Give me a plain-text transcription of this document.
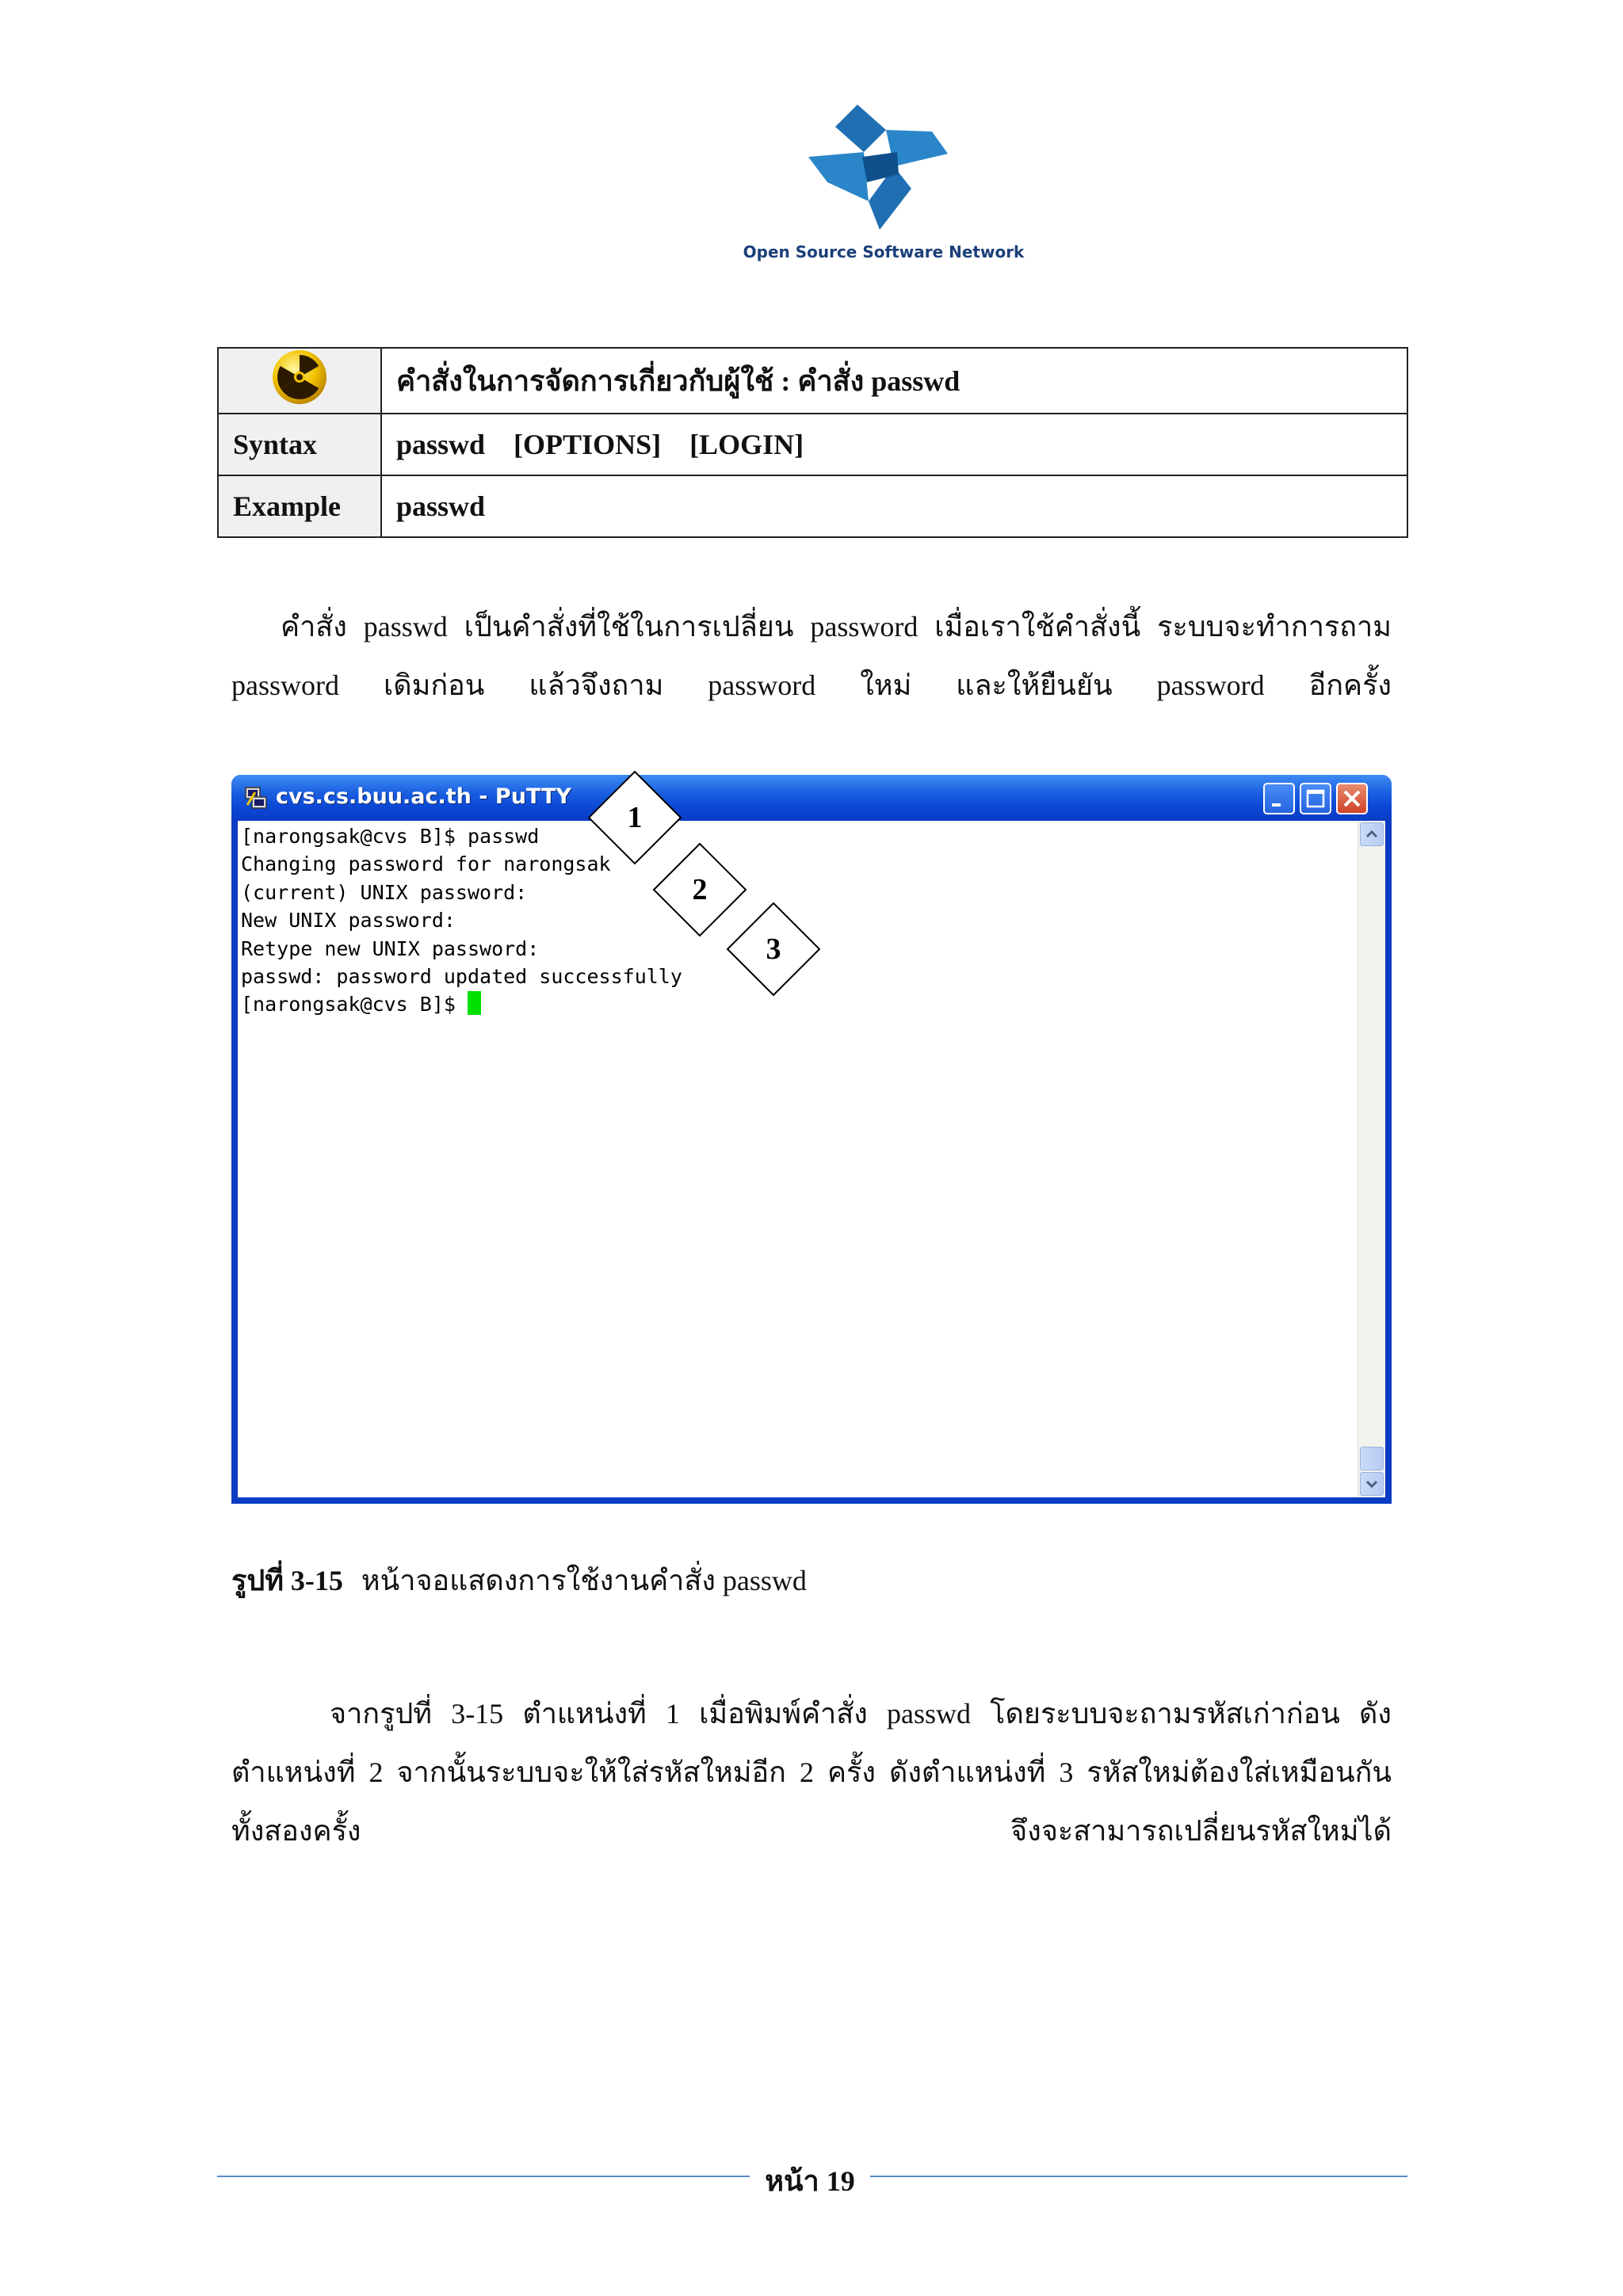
Open Source Software Network
	คำสั่งในการจัดการเกี่ยวกับผู้ใช้ : คำสั่ง passwd
Syntax	passwd    [OPTIONS]    [LOGIN]
Example	passwd
คำสั่ง passwd เป็นคำสั่งที่ใช้ในการเปลี่ยน password เมื่อเราใช้คำสั่งนี้ ระบบจะทำการถาม
password เดิมก่อน แล้วจึงถาม password ใหม่ และให้ยืนยัน password อีกครั้ง
cvs.cs.buu.ac.th - PuTTY
[narongsak@cvs B]$ passwd
Changing password for narongsak
(current) UNIX password:
New UNIX password:
Retype new UNIX password:
passwd: password updated successfully
[narongsak@cvs B]$
1
2
3
รูปที่ 3-15 หน้าจอแสดงการใช้งานคำสั่ง passwd
จากรูปที่ 3-15 ตำแหน่งที่ 1 เมื่อพิมพ์คำสั่ง passwd โดยระบบจะถามรหัสเก่าก่อน ดัง
ตำแหน่งที่ 2 จากนั้นระบบจะให้ใส่รหัสใหม่อีก 2 ครั้ง ดังตำแหน่งที่ 3 รหัสใหม่ต้องใส่เหมือนกัน
ทั้งสองครั้ง จึงจะสามารถเปลี่ยนรหัสใหม่ได้
หน้า 19
